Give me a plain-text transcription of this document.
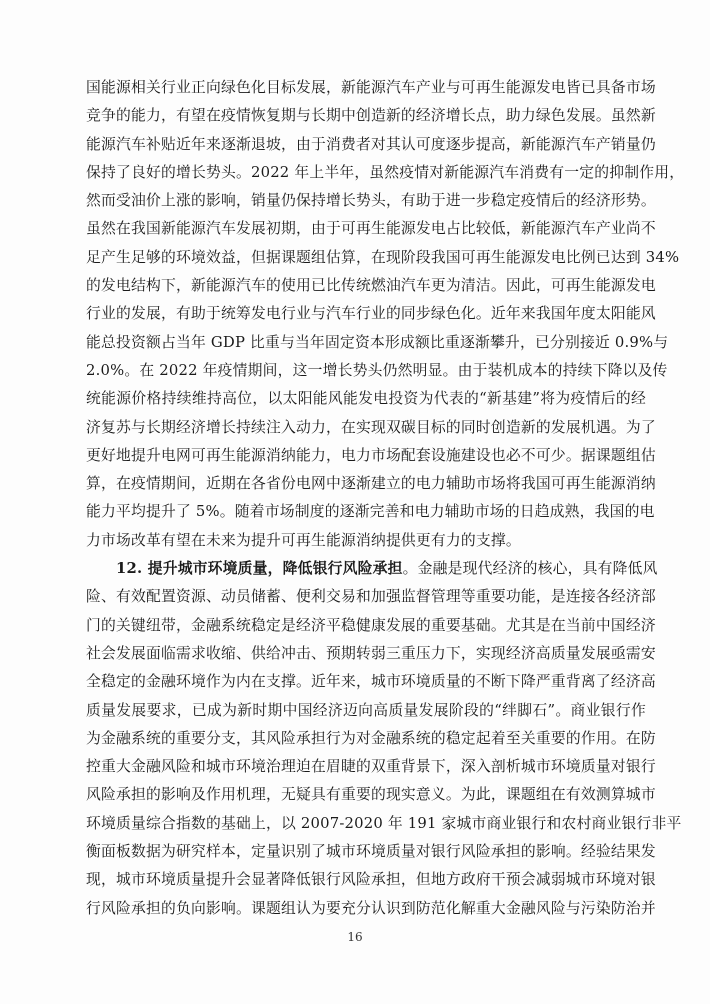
国能源相关行业正向绿色化目标发展，新能源汽车产业与可再生能源发电皆已具备市场
竞争的能力，有望在疫情恢复期与长期中创造新的经济增长点，助力绿色发展。虽然新
能源汽车补贴近年来逐渐退坡，由于消费者对其认可度逐步提高，新能源汽车产销量仍
保持了良好的增长势头。2022 年上半年，虽然疫情对新能源汽车消费有一定的抑制作用，
然而受油价上涨的影响，销量仍保持增长势头，有助于进一步稳定疫情后的经济形势。
虽然在我国新能源汽车发展初期，由于可再生能源发电占比较低，新能源汽车产业尚不
足产生足够的环境效益，但据课题组估算，在现阶段我国可再生能源发电比例已达到 34%
的发电结构下，新能源汽车的使用已比传统燃油汽车更为清洁。因此，可再生能源发电
行业的发展，有助于统筹发电行业与汽车行业的同步绿色化。近年来我国年度太阳能风
能总投资额占当年 GDP 比重与当年固定资本形成额比重逐渐攀升，已分别接近 0.9%与
2.0%。在 2022 年疫情期间，这一增长势头仍然明显。由于装机成本的持续下降以及传
统能源价格持续维持高位，以太阳能风能发电投资为代表的“新基建”将为疫情后的经
济复苏与长期经济增长持续注入动力，在实现双碳目标的同时创造新的发展机遇。为了
更好地提升电网可再生能源消纳能力，电力市场配套设施建设也必不可少。据课题组估
算，在疫情期间，近期在各省份电网中逐渐建立的电力辅助市场将我国可再生能源消纳
能力平均提升了 5%。随着市场制度的逐渐完善和电力辅助市场的日趋成熟，我国的电
力市场改革有望在未来为提升可再生能源消纳提供更有力的支撑。
12. 提升城市环境质量，降低银行风险承担。金融是现代经济的核心，具有降低风
险、有效配置资源、动员储蓄、便利交易和加强监督管理等重要功能，是连接各经济部
门的关键纽带，金融系统稳定是经济平稳健康发展的重要基础。尤其是在当前中国经济
社会发展面临需求收缩、供给冲击、预期转弱三重压力下，实现经济高质量发展亟需安
全稳定的金融环境作为内在支撑。近年来，城市环境质量的不断下降严重背离了经济高
质量发展要求，已成为新时期中国经济迈向高质量发展阶段的“绊脚石”。商业银行作
为金融系统的重要分支，其风险承担行为对金融系统的稳定起着至关重要的作用。在防
控重大金融风险和城市环境治理迫在眉睫的双重背景下，深入剖析城市环境质量对银行
风险承担的影响及作用机理，无疑具有重要的现实意义。为此，课题组在有效测算城市
环境质量综合指数的基础上，以 2007-2020 年 191 家城市商业银行和农村商业银行非平
衡面板数据为研究样本，定量识别了城市环境质量对银行风险承担的影响。经验结果发
现，城市环境质量提升会显著降低银行风险承担，但地方政府干预会减弱城市环境对银
行风险承担的负向影响。课题组认为要充分认识到防范化解重大金融风险与污染防治并
16
